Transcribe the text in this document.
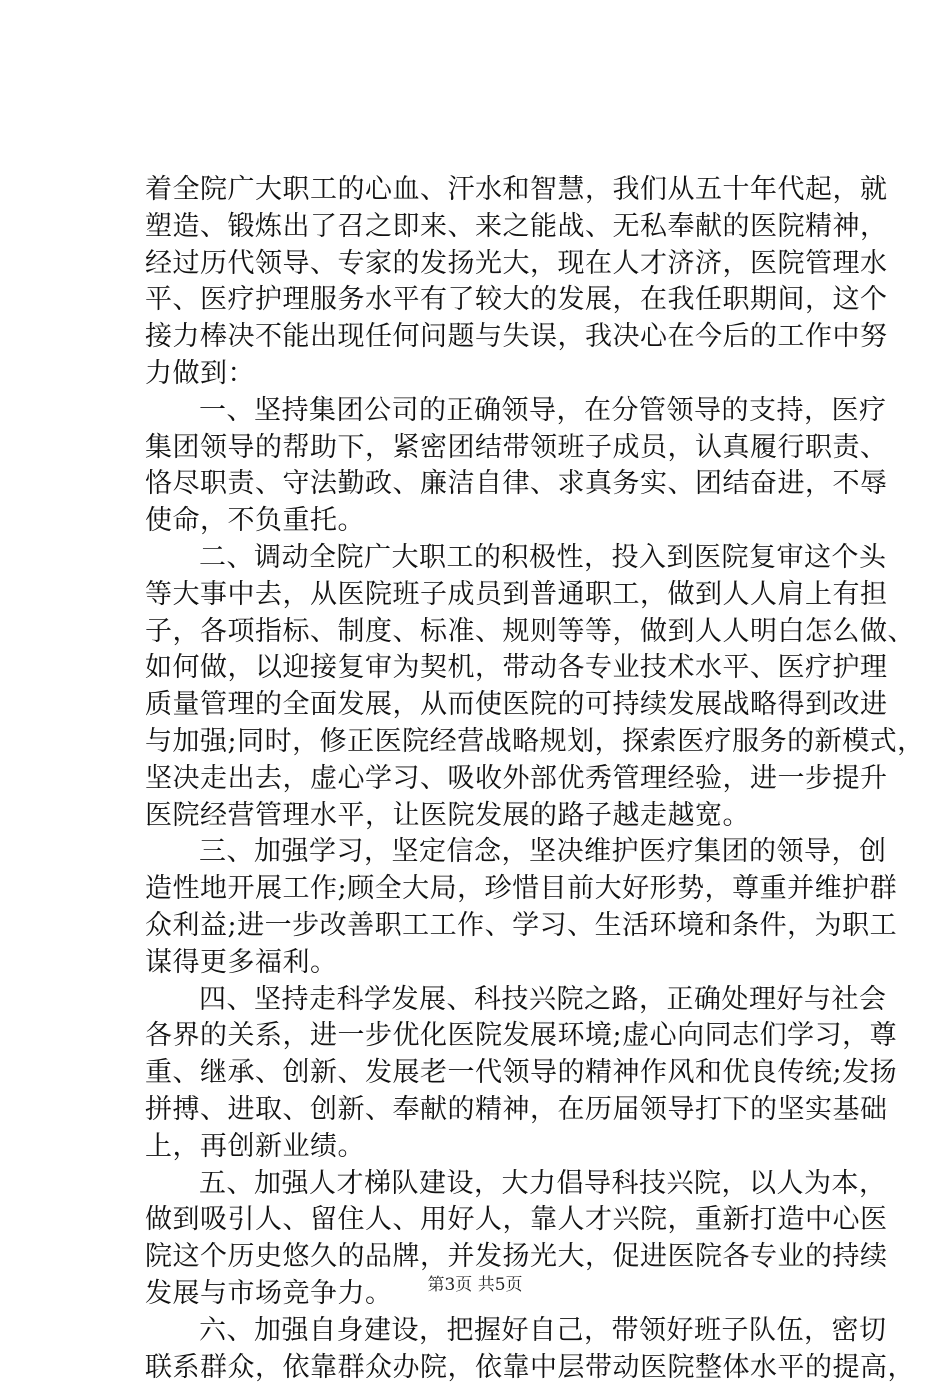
着全院广大职工的心血、汗水和智慧，我们从五十年代起，就
塑造、锻炼出了召之即来、来之能战、无私奉献的医院精神，
经过历代领导、专家的发扬光大，现在人才济济，医院管理水
平、医疗护理服务水平有了较大的发展，在我任职期间，这个
接力棒决不能出现任何问题与失误，我决心在今后的工作中努
力做到：
一、坚持集团公司的正确领导，在分管领导的支持，医疗
集团领导的帮助下，紧密团结带领班子成员，认真履行职责、
恪尽职责、守法勤政、廉洁自律、求真务实、团结奋进，不辱
使命，不负重托。
二、调动全院广大职工的积极性，投入到医院复审这个头
等大事中去，从医院班子成员到普通职工，做到人人肩上有担
子，各项指标、制度、标准、规则等等，做到人人明白怎么做、
如何做，以迎接复审为契机，带动各专业技术水平、医疗护理
质量管理的全面发展，从而使医院的可持续发展战略得到改进
与加强;同时，修正医院经营战略规划，探索医疗服务的新模式，
坚决走出去，虚心学习、吸收外部优秀管理经验，进一步提升
医院经营管理水平，让医院发展的路子越走越宽。
三、加强学习，坚定信念，坚决维护医疗集团的领导，创
造性地开展工作;顾全大局，珍惜目前大好形势，尊重并维护群
众利益;进一步改善职工工作、学习、生活环境和条件，为职工
谋得更多福利。
四、坚持走科学发展、科技兴院之路，正确处理好与社会
各界的关系，进一步优化医院发展环境;虚心向同志们学习，尊
重、继承、创新、发展老一代领导的精神作风和优良传统;发扬
拼搏、进取、创新、奉献的精神，在历届领导打下的坚实基础
上，再创新业绩。
五、加强人才梯队建设，大力倡导科技兴院，以人为本，
做到吸引人、留住人、用好人，靠人才兴院，重新打造中心医
院这个历史悠久的品牌，并发扬光大，促进医院各专业的持续
发展与市场竞争力。
六、加强自身建设，把握好自己，带领好班子队伍，密切
联系群众，依靠群众办院，依靠中层带动医院整体水平的提高，
第3页 共5页
